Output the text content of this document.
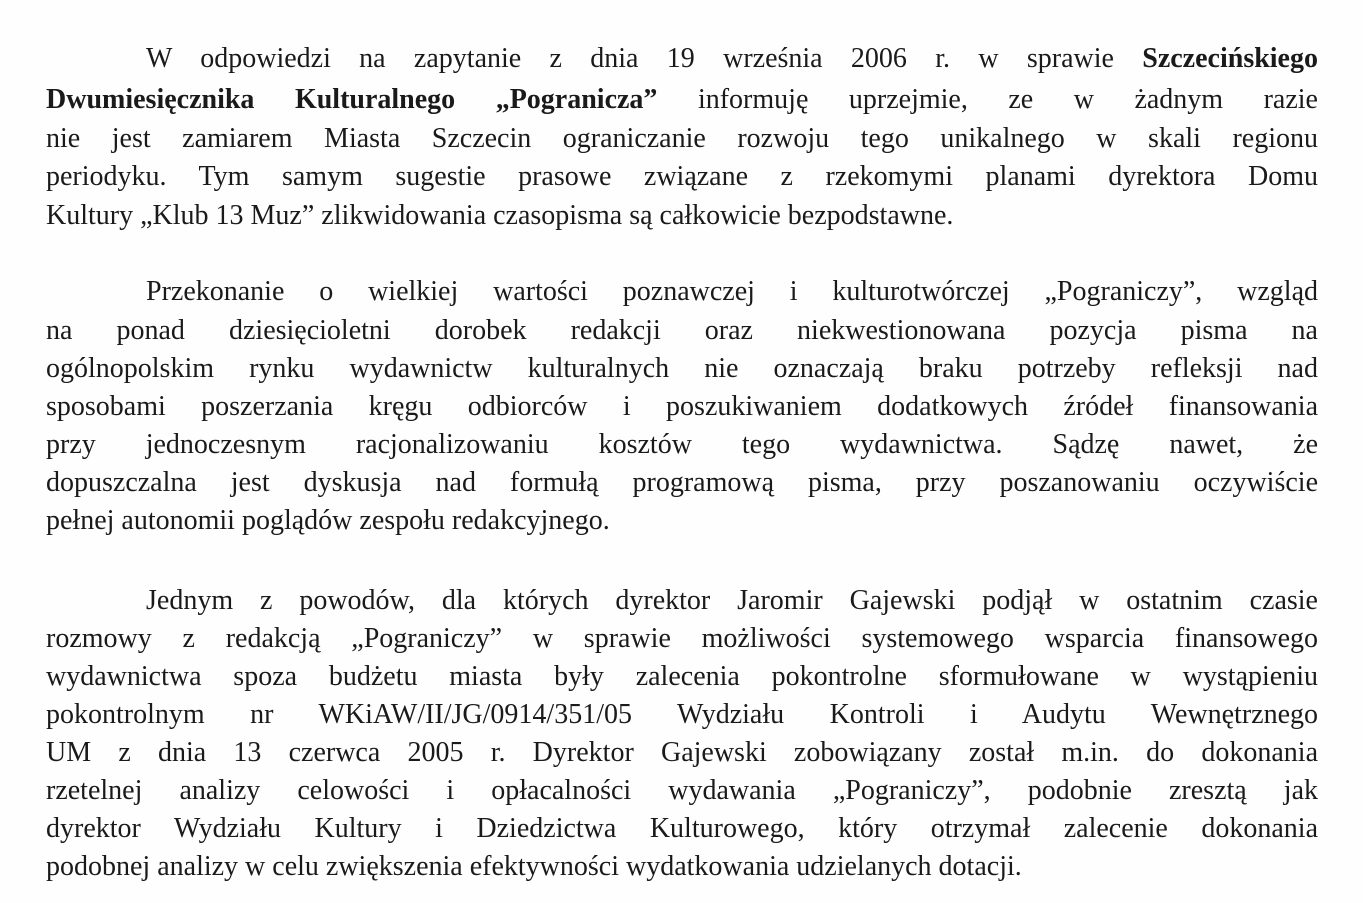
W odpowiedzi na zapytanie z dnia 19 września 2006 r. w sprawie Szczecińskiego
Dwumiesięcznika Kulturalnego „Pogranicza” informuję uprzejmie, ze w żadnym razie
nie jest zamiarem Miasta Szczecin ograniczanie rozwoju tego unikalnego w skali regionu
periodyku. Tym samym sugestie prasowe związane z rzekomymi planami dyrektora Domu
Kultury „Klub 13 Muz” zlikwidowania czasopisma są całkowicie bezpodstawne.
Przekonanie o wielkiej wartości poznawczej i kulturotwórczej „Pograniczy”, wzgląd
na ponad dziesięcioletni dorobek redakcji oraz niekwestionowana pozycja pisma na
ogólnopolskim rynku wydawnictw kulturalnych nie oznaczają braku potrzeby refleksji nad
sposobami poszerzania kręgu odbiorców i poszukiwaniem dodatkowych źródeł finansowania
przy jednoczesnym racjonalizowaniu kosztów tego wydawnictwa. Sądzę nawet, że
dopuszczalna jest dyskusja nad formułą programową pisma, przy poszanowaniu oczywiście
pełnej autonomii poglądów zespołu redakcyjnego.
Jednym z powodów, dla których dyrektor Jaromir Gajewski podjął w ostatnim czasie
rozmowy z redakcją „Pograniczy” w sprawie możliwości systemowego wsparcia finansowego
wydawnictwa spoza budżetu miasta były zalecenia pokontrolne sformułowane w wystąpieniu
pokontrolnym nr WKiAW/II/JG/0914/351/05 Wydziału Kontroli i Audytu Wewnętrznego
UM z dnia 13 czerwca 2005 r. Dyrektor Gajewski zobowiązany został m.in. do dokonania
rzetelnej analizy celowości i opłacalności wydawania „Pograniczy”, podobnie zresztą jak
dyrektor Wydziału Kultury i Dziedzictwa Kulturowego, który otrzymał zalecenie dokonania
podobnej analizy w celu zwiększenia efektywności wydatkowania udzielanych dotacji.
